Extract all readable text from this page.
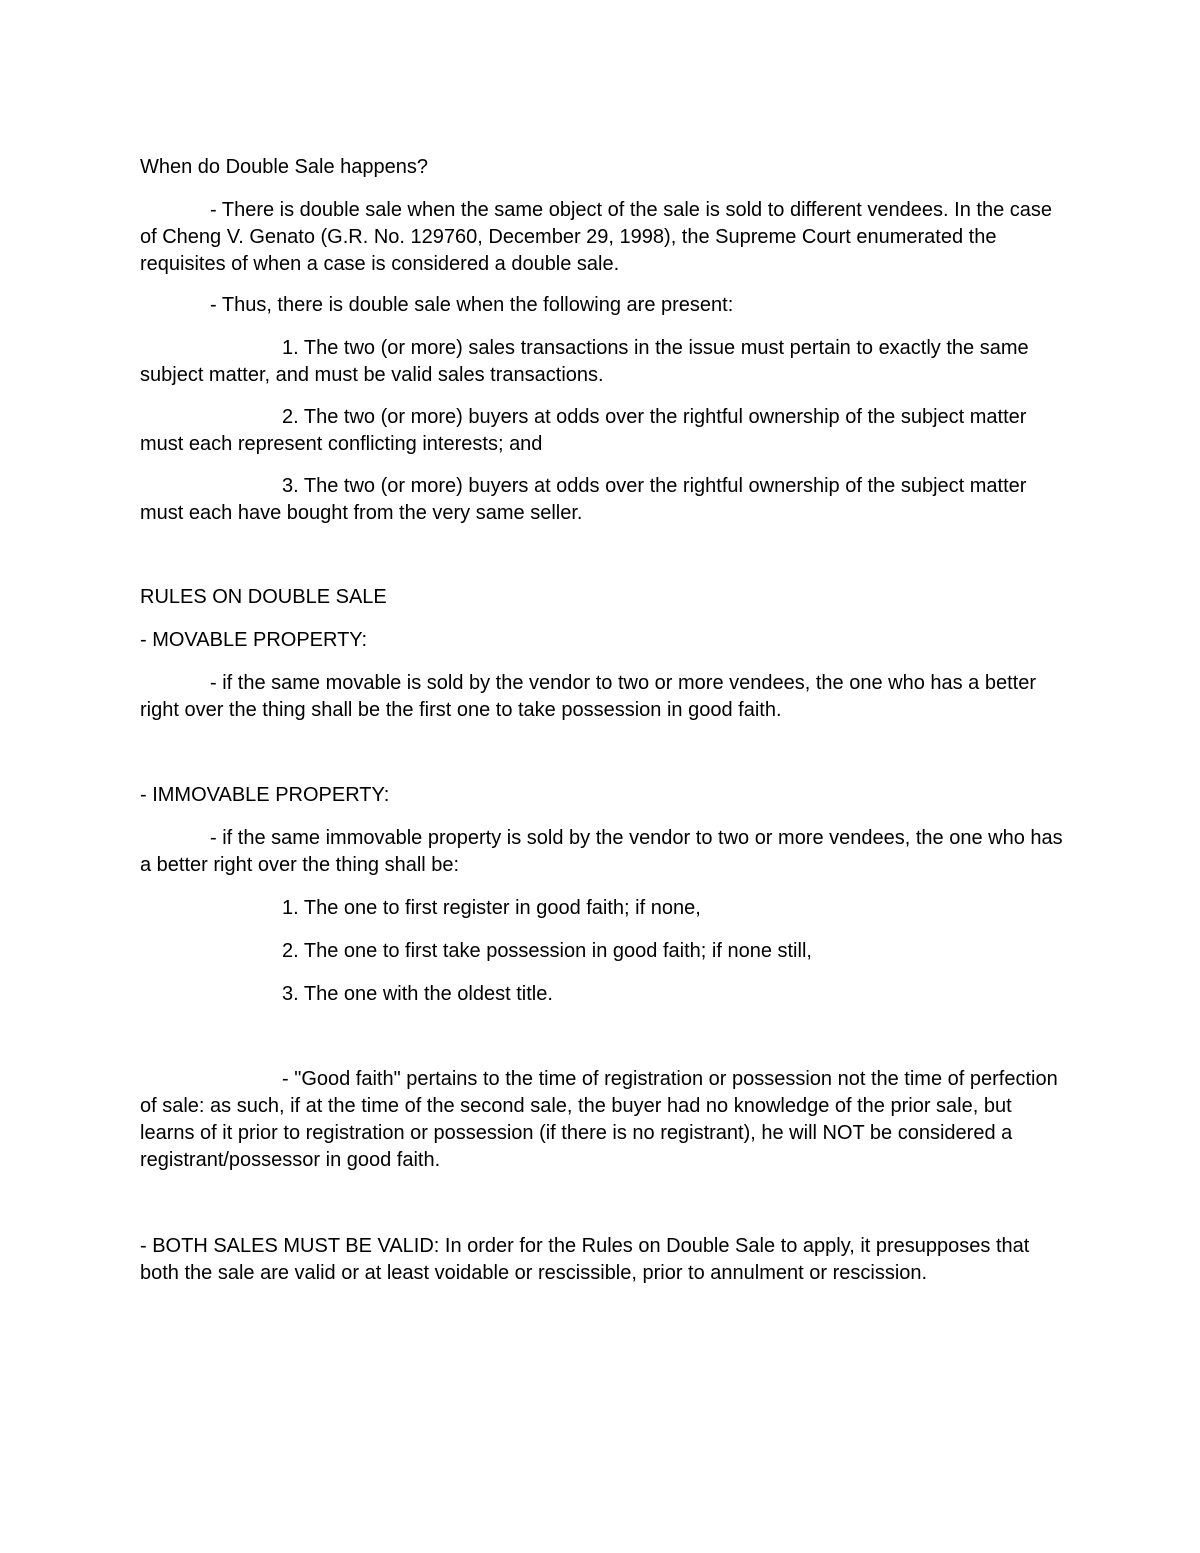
When do Double Sale happens?

- There is double sale when the same object of the sale is sold to different vendees. In the case of Cheng V. Genato (G.R. No. 129760, December 29, 1998), the Supreme Court enumerated the requisites of when a case is considered a double sale.

- Thus, there is double sale when the following are present:

1. The two (or more) sales transactions in the issue must pertain to exactly the same subject matter, and must be valid sales transactions.

2. The two (or more) buyers at odds over the rightful ownership of the subject matter must each represent conflicting interests; and

3. The two (or more) buyers at odds over the rightful ownership of the subject matter must each have bought from the very same seller.

RULES ON DOUBLE SALE

- MOVABLE PROPERTY:

- if the same movable is sold by the vendor to two or more vendees, the one who has a better right over the thing shall be the first one to take possession in good faith.

- IMMOVABLE PROPERTY:

- if the same immovable property is sold by the vendor to two or more vendees, the one who has a better right over the thing shall be:

1. The one to first register in good faith; if none,

2. The one to first take possession in good faith; if none still,

3. The one with the oldest title.

- "Good faith" pertains to the time of registration or possession not the time of perfection of sale: as such, if at the time of the second sale, the buyer had no knowledge of the prior sale, but learns of it prior to registration or possession (if there is no registrant), he will NOT be considered a registrant/possessor in good faith.

- BOTH SALES MUST BE VALID: In order for the Rules on Double Sale to apply, it presupposes that both the sale are valid or at least voidable or rescissible, prior to annulment or rescission.
